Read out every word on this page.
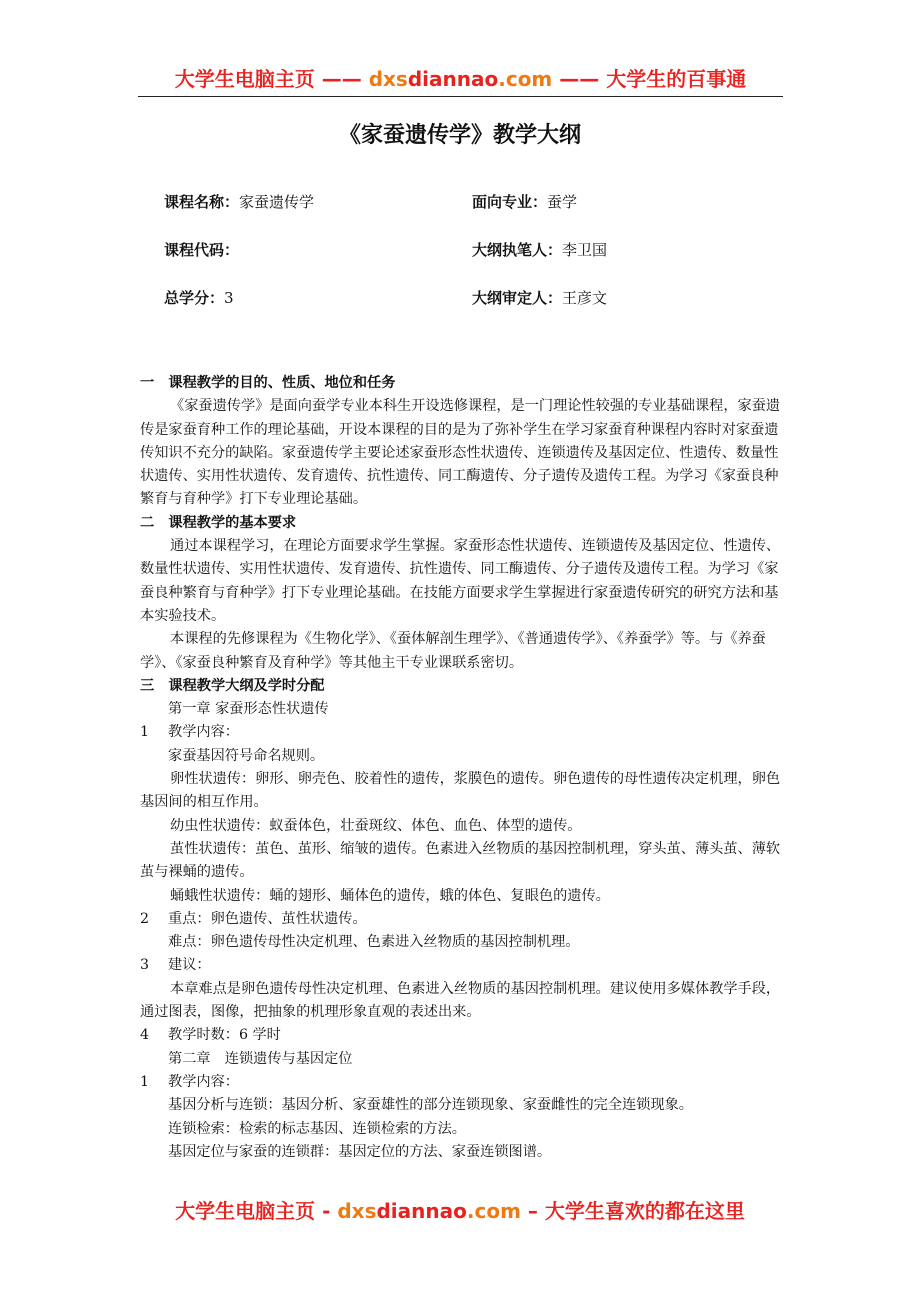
大学生电脑主页 —— dxsdiannao.com —— 大学生的百事通
《家蚕遗传学》教学大纲
课程名称：家蚕遗传学	面向专业：蚕学
课程代码：	大纲执笔人：李卫国
总学分：3	大纲审定人：王彦文

一　课程教学的目的、性质、地位和任务

《家蚕遗传学》是面向蚕学专业本科生开设选修课程，是一门理论性较强的专业基础课程，家蚕遗传是家蚕育种工作的理论基础，开设本课程的目的是为了弥补学生在学习家蚕育种课程内容时对家蚕遗传知识不充分的缺陷。家蚕遗传学主要论述家蚕形态性状遗传、连锁遗传及基因定位、性遗传、数量性状遗传、实用性状遗传、发育遗传、抗性遗传、同工酶遗传、分子遗传及遗传工程。为学习《家蚕良种繁育与育种学》打下专业理论基础。

二　课程教学的基本要求

通过本课程学习，在理论方面要求学生掌握。家蚕形态性状遗传、连锁遗传及基因定位、性遗传、数量性状遗传、实用性状遗传、发育遗传、抗性遗传、同工酶遗传、分子遗传及遗传工程。为学习《家蚕良种繁育与育种学》打下专业理论基础。在技能方面要求学生掌握进行家蚕遗传研究的研究方法和基本实验技术。

本课程的先修课程为《生物化学》、《蚕体解剖生理学》、《普通遗传学》、《养蚕学》等。与《养蚕学》、《家蚕良种繁育及育种学》等其他主干专业课联系密切。

三　课程教学大纲及学时分配

第一章 家蚕形态性状遗传

1 教学内容：

家蚕基因符号命名规则。

卵性状遗传：卵形、卵壳色、胶着性的遗传，浆膜色的遗传。卵色遗传的母性遗传决定机理，卵色基因间的相互作用。

幼虫性状遗传：蚁蚕体色，壮蚕斑纹、体色、血色、体型的遗传。

茧性状遗传：茧色、茧形、缩皱的遗传。色素进入丝物质的基因控制机理，穿头茧、薄头茧、薄软茧与裸蛹的遗传。

蛹蛾性状遗传：蛹的翅形、蛹体色的遗传，蛾的体色、复眼色的遗传。

2 重点：卵色遗传、茧性状遗传。

难点：卵色遗传母性决定机理、色素进入丝物质的基因控制机理。

3 建议：

本章难点是卵色遗传母性决定机理、色素进入丝物质的基因控制机理。建议使用多媒体教学手段，通过图表，图像，把抽象的机理形象直观的表述出来。

4 教学时数：6 学时

第二章　连锁遗传与基因定位

1 教学内容：

基因分析与连锁：基因分析、家蚕雄性的部分连锁现象、家蚕雌性的完全连锁现象。

连锁检索：检索的标志基因、连锁检索的方法。

基因定位与家蚕的连锁群：基因定位的方法、家蚕连锁图谱。

大学生电脑主页 - dxsdiannao.com – 大学生喜欢的都在这里
